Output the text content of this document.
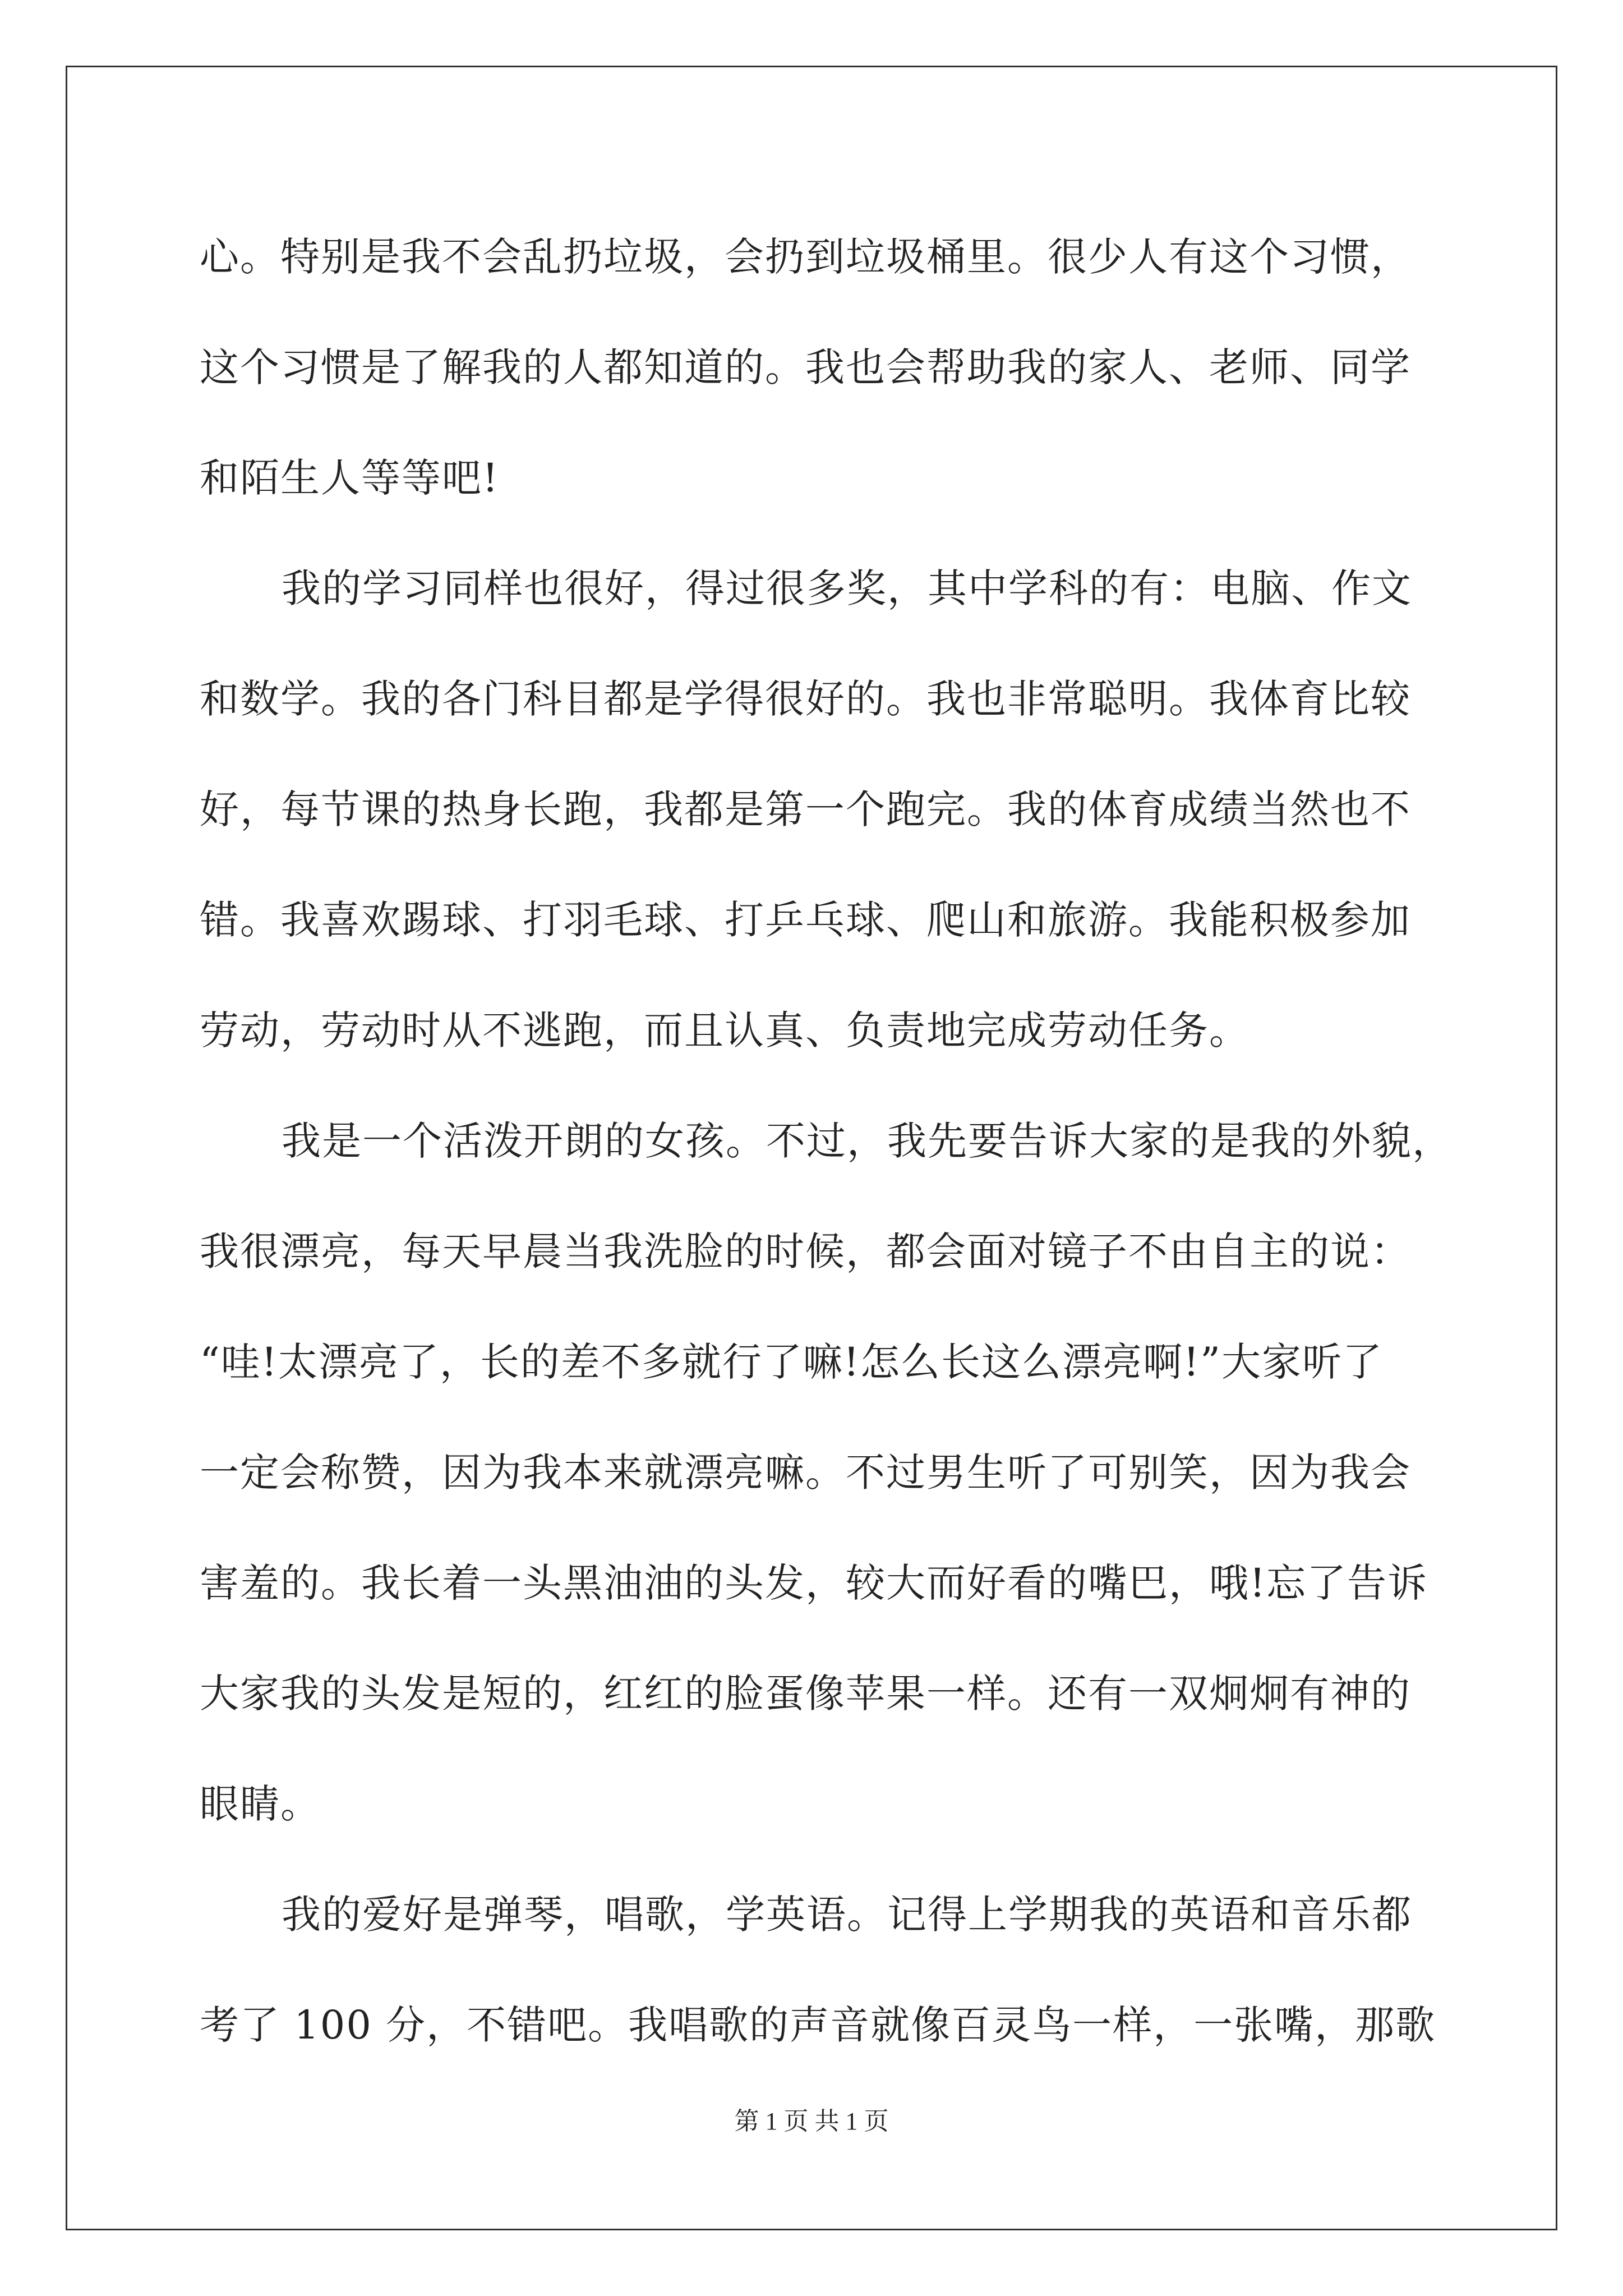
心。特别是我不会乱扔垃圾，会扔到垃圾桶里。很少人有这个习惯，
这个习惯是了解我的人都知道的。我也会帮助我的家人、老师、同学
和陌生人等等吧!
我的学习同样也很好，得过很多奖，其中学科的有：电脑、作文
和数学。我的各门科目都是学得很好的。我也非常聪明。我体育比较
好，每节课的热身长跑，我都是第一个跑完。我的体育成绩当然也不
错。我喜欢踢球、打羽毛球、打乒乓球、爬山和旅游。我能积极参加
劳动，劳动时从不逃跑，而且认真、负责地完成劳动任务。
我是一个活泼开朗的女孩。不过，我先要告诉大家的是我的外貌，
我很漂亮，每天早晨当我洗脸的时候，都会面对镜子不由自主的说：
“哇!太漂亮了，长的差不多就行了嘛!怎么长这么漂亮啊!”大家听了
一定会称赞，因为我本来就漂亮嘛。不过男生听了可别笑，因为我会
害羞的。我长着一头黑油油的头发，较大而好看的嘴巴，哦!忘了告诉
大家我的头发是短的，红红的脸蛋像苹果一样。还有一双炯炯有神的
眼睛。
我的爱好是弹琴，唱歌，学英语。记得上学期我的英语和音乐都
考了 100 分，不错吧。我唱歌的声音就像百灵鸟一样，一张嘴，那歌
第 1 页 共 1 页
